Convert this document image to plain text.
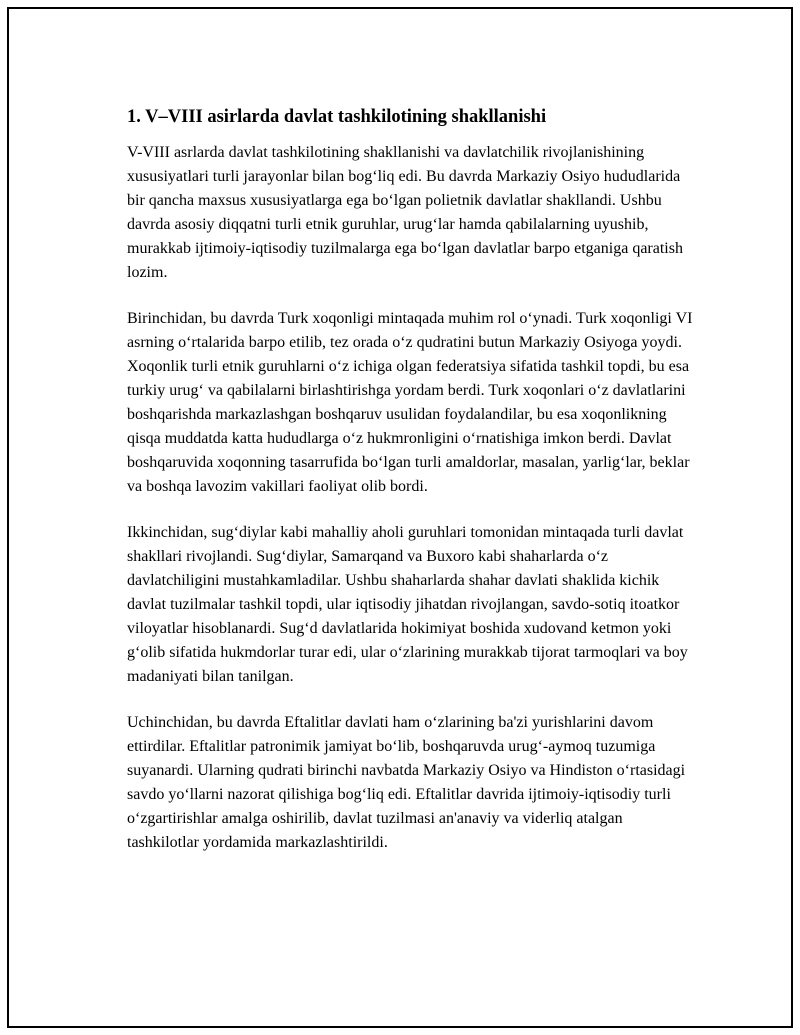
1. V–VIII asirlarda davlat tashkilotining shakllanishi

V-VIII asrlarda davlat tashkilotining shakllanishi va davlatchilik rivojlanishining xususiyatlari turli jarayonlar bilan bog‘liq edi. Bu davrda Markaziy Osiyo hududlarida bir qancha maxsus xususiyatlarga ega bo‘lgan polietnik davlatlar shakllandi. Ushbu davrda asosiy diqqatni turli etnik guruhlar, urug‘lar hamda qabilalarning uyushib, murakkab ijtimoiy-iqtisodiy tuzilmalarga ega bo‘lgan davlatlar barpo etganiga qaratish lozim.

Birinchidan, bu davrda Turk xoqonligi mintaqada muhim rol o‘ynadi. Turk xoqonligi VI asrning o‘rtalarida barpo etilib, tez orada o‘z qudratini butun Markaziy Osiyoga yoydi. Xoqonlik turli etnik guruhlarni o‘z ichiga olgan federatsiya sifatida tashkil topdi, bu esa turkiy urug‘ va qabilalarni birlashtirishga yordam berdi. Turk xoqonlari o‘z davlatlarini boshqarishda markazlashgan boshqaruv usulidan foydalandilar, bu esa xoqonlikning qisqa muddatda katta hududlarga o‘z hukmronligini o‘rnatishiga imkon berdi. Davlat boshqaruvida xoqonning tasarrufida bo‘lgan turli amaldorlar, masalan, yarlig‘lar, beklar va boshqa lavozim vakillari faoliyat olib bordi.

Ikkinchidan, sug‘diylar kabi mahalliy aholi guruhlari tomonidan mintaqada turli davlat shakllari rivojlandi. Sug‘diylar, Samarqand va Buxoro kabi shaharlarda o‘z davlatchiligini mustahkamladilar. Ushbu shaharlarda shahar davlati shaklida kichik davlat tuzilmalar tashkil topdi, ular iqtisodiy jihatdan rivojlangan, savdo-sotiq itoatkor viloyatlar hisoblanardi. Sug‘d davlatlarida hokimiyat boshida xudovand ketmon yoki g‘olib sifatida hukmdorlar turar edi, ular o‘zlarining murakkab tijorat tarmoqlari va boy madaniyati bilan tanilgan.

Uchinchidan, bu davrda Eftalitlar davlati ham o‘zlarining ba'zi yurishlarini davom ettirdilar. Eftalitlar patronimik jamiyat bo‘lib, boshqaruvda urug‘-aymoq tuzumiga suyanardi. Ularning qudrati birinchi navbatda Markaziy Osiyo va Hindiston o‘rtasidagi savdo yo‘llarni nazorat qilishiga bog‘liq edi. Eftalitlar davrida ijtimoiy-iqtisodiy turli o‘zgartirishlar amalga oshirilib, davlat tuzilmasi an'anaviy va viderliq atalgan tashkilotlar yordamida markazlashtirildi.
